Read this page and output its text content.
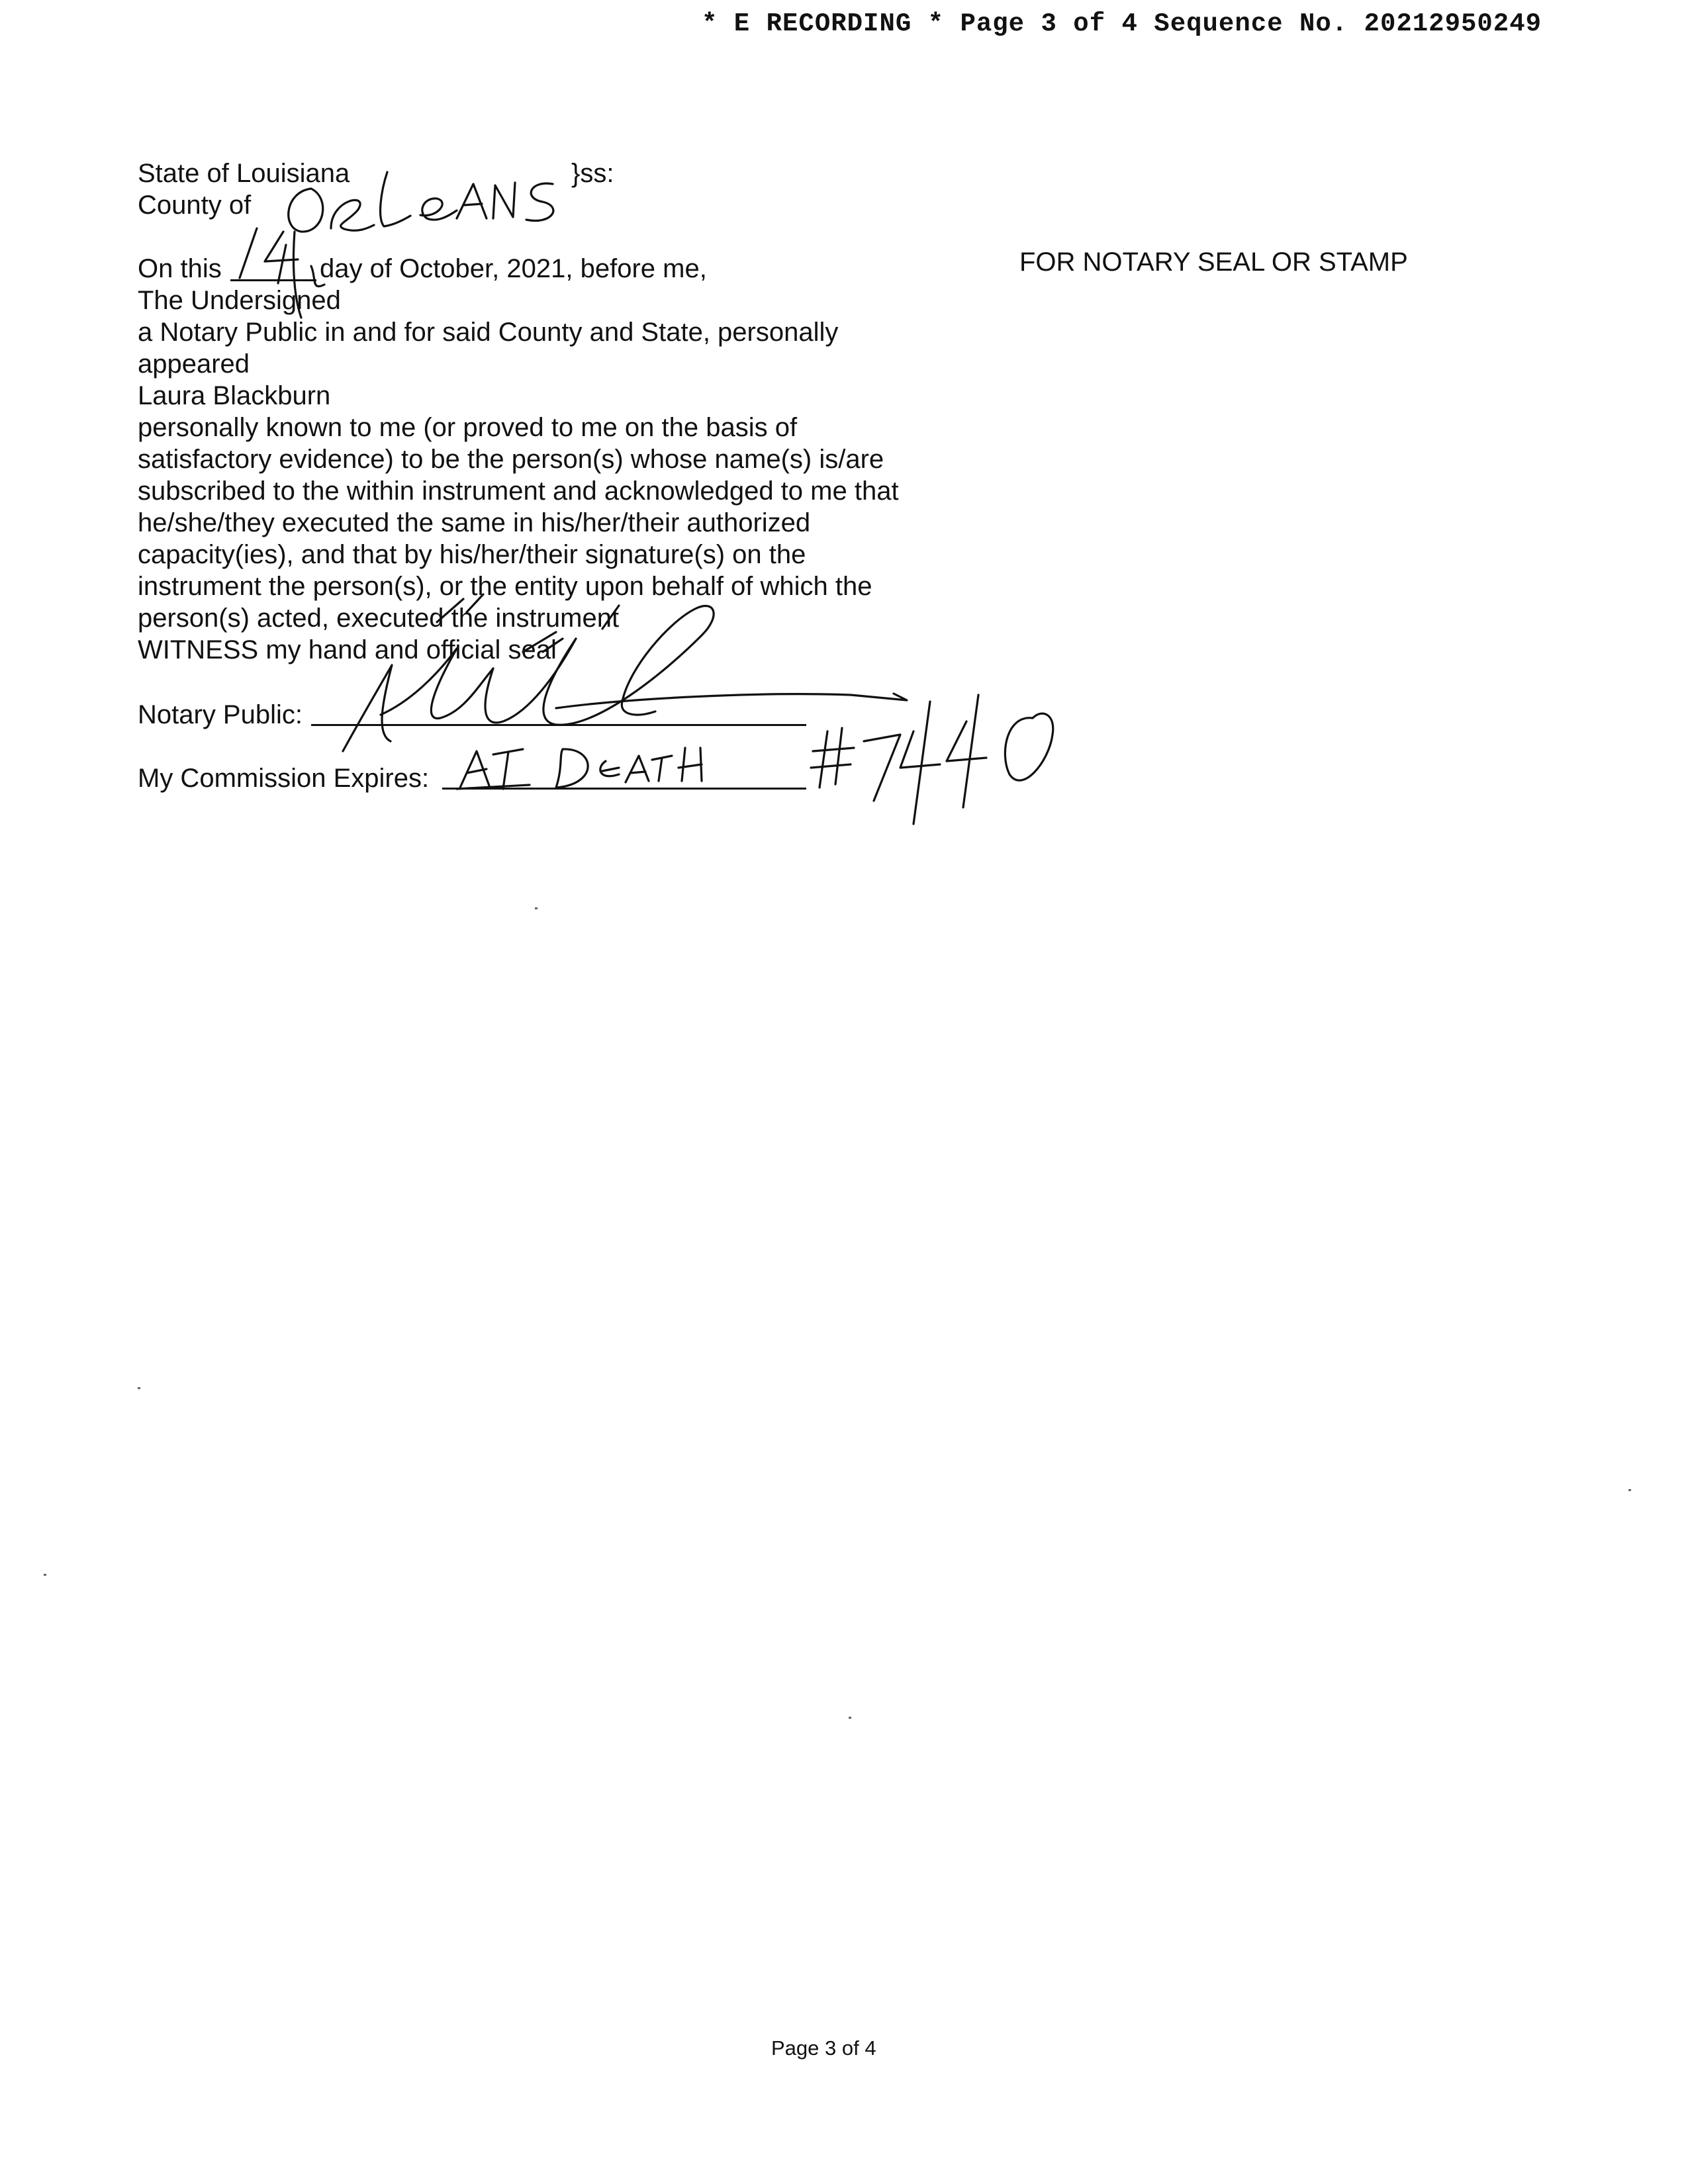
* E RECORDING * Page 3 of 4 Sequence No. 20212950249
State of Louisiana	}ss:
County of
On this	day of October, 2021, before me,
The Undersigned
a Notary Public in and for said County and State, personally
appeared
Laura Blackburn
personally known to me (or proved to me on the basis of
satisfactory evidence) to be the person(s) whose name(s) is/are
subscribed to the within instrument and acknowledged to me that
he/she/they executed the same in his/her/their authorized
capacity(ies), and that by his/her/their signature(s) on the
instrument the person(s), or the entity upon behalf of which the
person(s) acted, executed the instrument
WITNESS my hand and official seal
Notary Public:
My Commission Expires:
FOR NOTARY SEAL OR STAMP
Page 3 of 4
